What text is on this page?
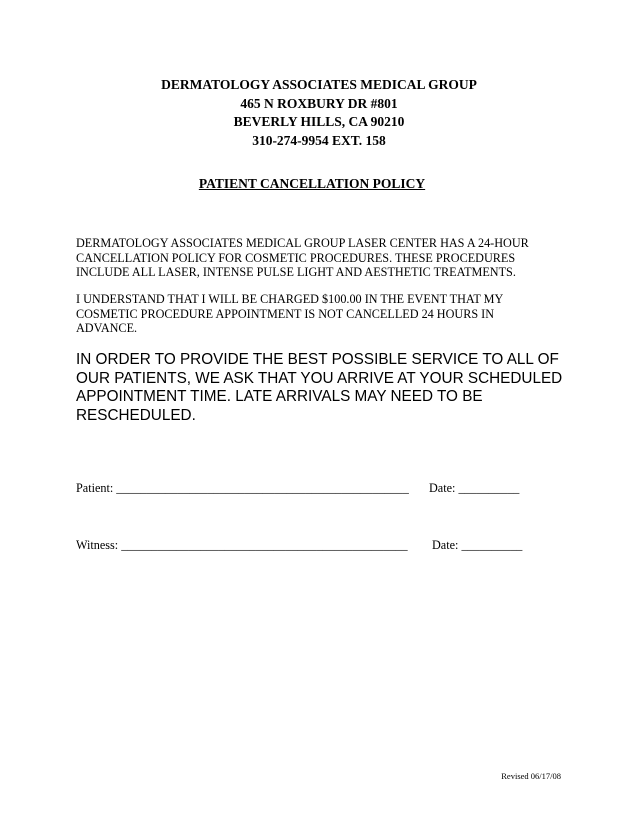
DERMATOLOGY ASSOCIATES MEDICAL GROUP
465 N ROXBURY DR #801
BEVERLY HILLS, CA 90210
310-274-9954 EXT. 158
PATIENT CANCELLATION POLICY
DERMATOLOGY ASSOCIATES MEDICAL GROUP LASER CENTER HAS A 24-HOUR
CANCELLATION POLICY FOR COSMETIC PROCEDURES. THESE PROCEDURES
INCLUDE ALL LASER, INTENSE PULSE LIGHT AND AESTHETIC TREATMENTS.
I UNDERSTAND THAT I WILL BE CHARGED $100.00 IN THE EVENT THAT MY
COSMETIC PROCEDURE APPOINTMENT IS NOT CANCELLED 24 HOURS IN
ADVANCE.
IN ORDER TO PROVIDE THE BEST POSSIBLE SERVICE TO ALL OF
OUR PATIENTS, WE ASK THAT YOU ARRIVE AT YOUR SCHEDULED
APPOINTMENT TIME. LATE ARRIVALS MAY NEED TO BE
RESCHEDULED.
Patient: ________________________________________________ Date: __________
Witness: _______________________________________________ Date: __________
Revised 06/17/08
